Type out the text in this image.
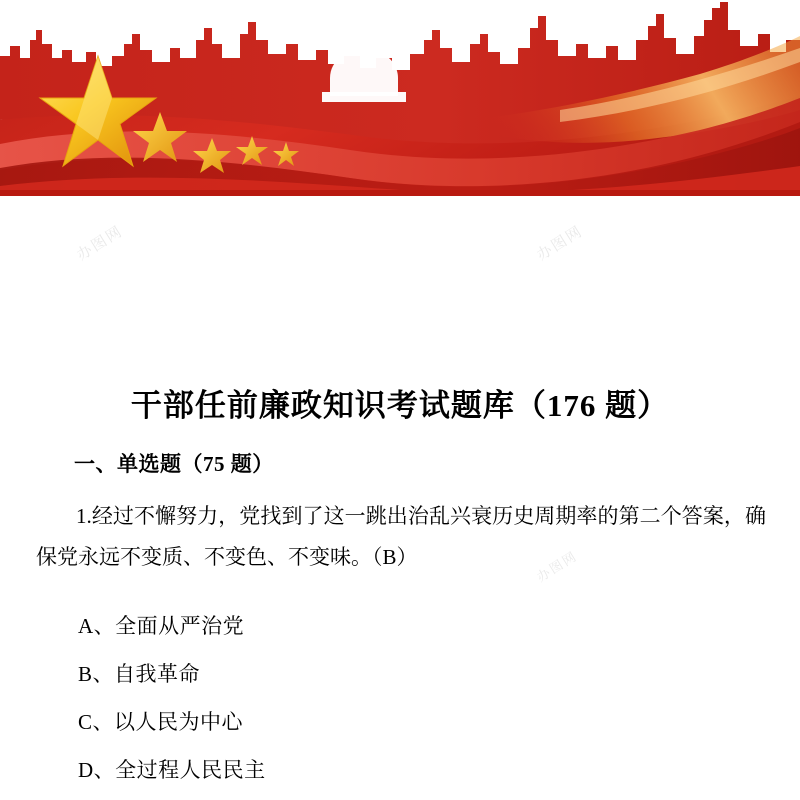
干部任前廉政知识考试题库（176 题）
一、单选题（75 题）
1.经过不懈努力，党找到了这一跳出治乱兴衰历史周期率的第二个答案，确保党永远不变质、不变色、不变味。（B）
A、全面从严治党
B、自我革命
C、以人民为中心
D、全过程人民民主
办图网	办图网
办图网
